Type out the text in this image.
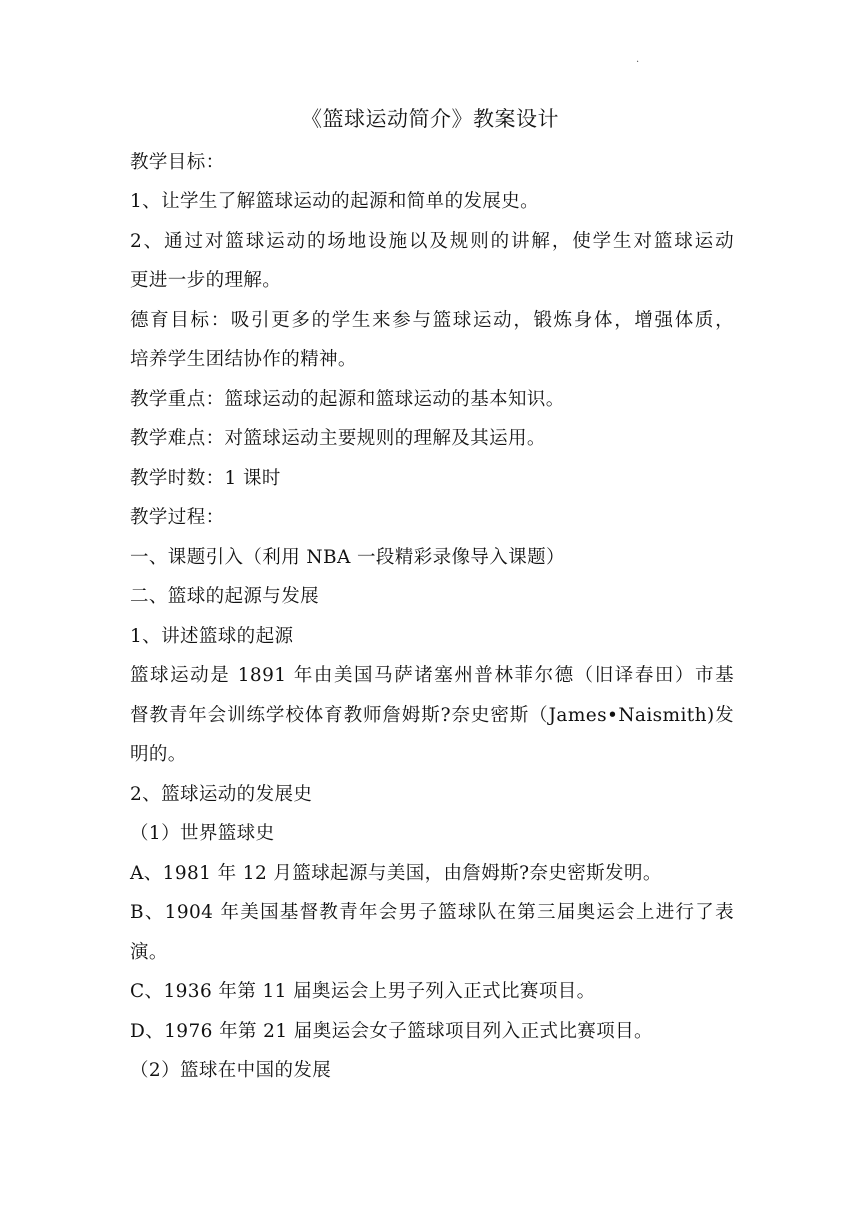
.
《篮球运动简介》教案设计
教学目标：
1、让学生了解篮球运动的起源和简单的发展史。
2、通过对篮球运动的场地设施以及规则的讲解，使学生对篮球运动
更进一步的理解。
德育目标：吸引更多的学生来参与篮球运动，锻炼身体，增强体质，
培养学生团结协作的精神。
教学重点：篮球运动的起源和篮球运动的基本知识。
教学难点：对篮球运动主要规则的理解及其运用。
教学时数：1 课时
教学过程：
一、课题引入（利用 NBA 一段精彩录像导入课题）
二、篮球的起源与发展
1、讲述篮球的起源
篮球运动是 1891 年由美国马萨诸塞州普林菲尔德（旧译春田）市基
督教青年会训练学校体育教师詹姆斯?奈史密斯（James•Naismith)发
明的。
2、篮球运动的发展史
（1）世界篮球史
A、1981 年 12 月篮球起源与美国，由詹姆斯?奈史密斯发明。
B、1904 年美国基督教青年会男子篮球队在第三届奥运会上进行了表
演。
C、1936 年第 11 届奥运会上男子列入正式比赛项目。
D、1976 年第 21 届奥运会女子篮球项目列入正式比赛项目。
（2）篮球在中国的发展
